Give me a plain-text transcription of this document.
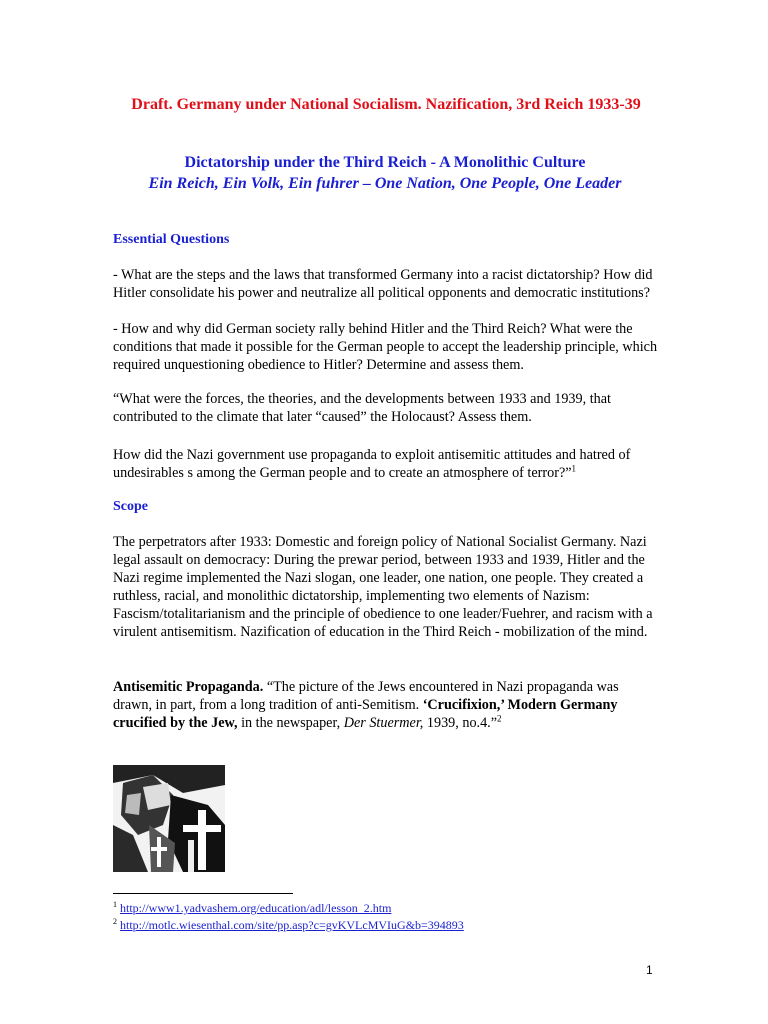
Draft. Germany under National Socialism. Nazification, 3rd Reich 1933-39

Dictatorship under the Third Reich - A Monolithic Culture

Ein Reich, Ein Volk, Ein fuhrer – One Nation, One People, One Leader

Essential Questions

- What are the steps and the laws that transformed Germany into a racist dictatorship? How did Hitler consolidate his power and neutralize all political opponents and democratic institutions?

- How and why did German society rally behind Hitler and the Third Reich? What were the conditions that made it possible for the German people to accept the leadership principle, which required unquestioning obedience to Hitler? Determine and assess them.

“What were the forces, the theories, and the developments between 1933 and 1939, that contributed to the climate that later “caused” the Holocaust? Assess them.

How did the Nazi government use propaganda to exploit antisemitic attitudes and hatred of undesirables s among the German people and to create an atmosphere of terror?”$^1$

Scope

The perpetrators after 1933: Domestic and foreign policy of National Socialist Germany. Nazi legal assault on democracy: During the prewar period, between 1933 and 1939, Hitler and the Nazi regime implemented the Nazi slogan, one leader, one nation, one people. They created a ruthless, racial, and monolithic dictatorship, implementing two elements of Nazism: Fascism/totalitarianism and the principle of obedience to one leader/Fuehrer, and racism with a virulent antisemitism. Nazification of education in the Third Reich - mobilization of the mind.

Antisemitic Propaganda. “The picture of the Jews encountered in Nazi propaganda was drawn, in part, from a long tradition of anti-Semitism. ‘Crucifixion,’ Modern Germany crucified by the Jew, in the newspaper, Der Stuermer, 1939, no.4.”$^2$

$^1$ http://www1.yadvashem.org/education/adl/lesson_2.htm

$^2$ http://motlc.wiesenthal.com/site/pp.asp?c=gvKVLcMVIuG&b=394893

1
